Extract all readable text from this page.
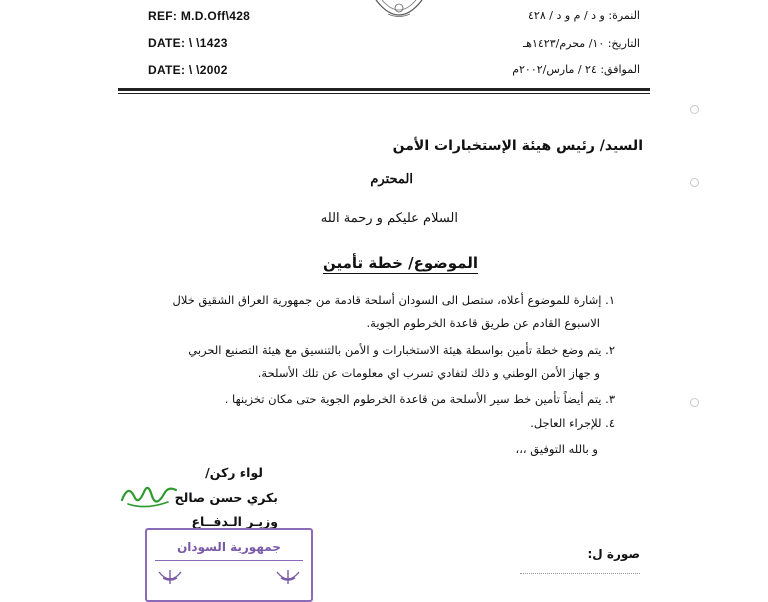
REF: M.D.Off\428
DATE: \ \1423
DATE: \ \2002
النمرة: و د / م و د / ٤٢٨
التاريخ: ١٠/ محرم/١٤٢٣هـ
الموافق: ٢٤ / مارس/٢٠٠٢م
السيد/ رئيس هيئة الإستخبارات الأمن
المحترم
السلام عليكم و رحمة الله
الموضوع/ خطة تأمين
١. إشارة للموضوع أعلاه، ستصل الى السودان أسلحة قادمة من جمهورية العراق الشقيق خلال
الاسبوع القادم عن طريق قاعدة الخرطوم الجوية.
٢. يتم وضع خطة تأمين بواسطة هيئة الاستخبارات و الأمن بالتنسيق مع هيئة التصنيع الحربي
و جهاز الأمن الوطني و ذلك لتفادي تسرب اي معلومات عن تلك الأسلحة.
٣. يتم أيضاً تأمين خط سير الأسلحة من قاعدة الخرطوم الجوية حتى مكان تخزينها .
٤. للإجراء العاجل.
و بالله التوفيق ،،،
لواء ركن/
بكري حسن صالح
وزيـر الـدفــاع
جمهورية السودان	صورة ل:
